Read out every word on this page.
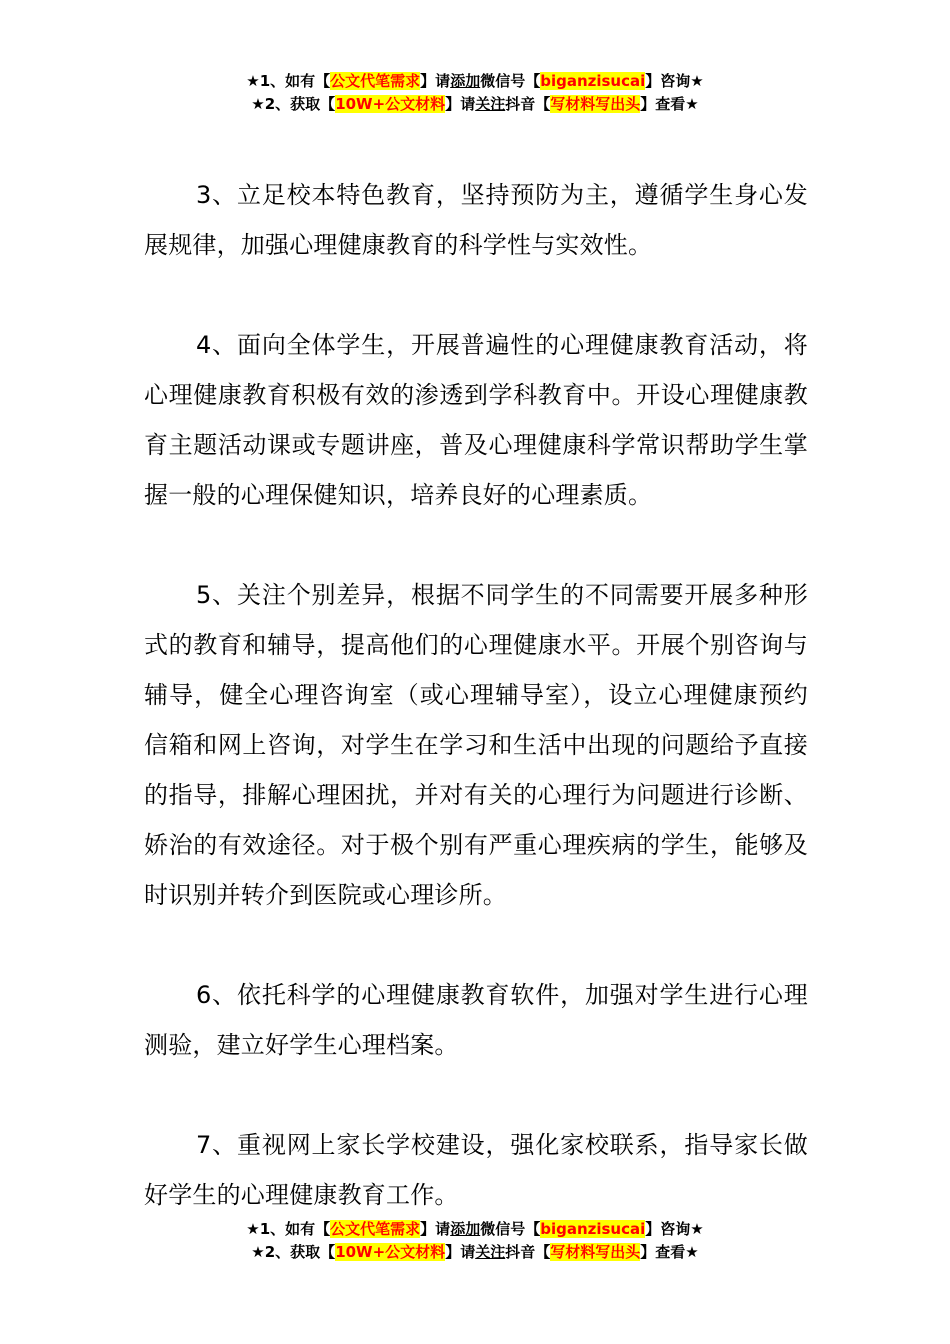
★1、如有【公文代笔需求】请添加微信号【biganzisucai】咨询★
★2、获取【10W+公文材料】请关注抖音【写材料写出头】查看★

3、立足校本特色教育，坚持预防为主，遵循学生身心发展规律，加强心理健康教育的科学性与实效性。

4、面向全体学生，开展普遍性的心理健康教育活动，将心理健康教育积极有效的渗透到学科教育中。开设心理健康教育主题活动课或专题讲座，普及心理健康科学常识帮助学生掌握一般的心理保健知识，培养良好的心理素质。

5、关注个别差异，根据不同学生的不同需要开展多种形式的教育和辅导，提高他们的心理健康水平。开展个别咨询与辅导，健全心理咨询室（或心理辅导室），设立心理健康预约信箱和网上咨询，对学生在学习和生活中出现的问题给予直接的指导，排解心理困扰，并对有关的心理行为问题进行诊断、娇治的有效途径。对于极个别有严重心理疾病的学生，能够及时识别并转介到医院或心理诊所。

6、依托科学的心理健康教育软件，加强对学生进行心理测验，建立好学生心理档案。

7、重视网上家长学校建设，强化家校联系，指导家长做好学生的心理健康教育工作。

★1、如有【公文代笔需求】请添加微信号【biganzisucai】咨询★
★2、获取【10W+公文材料】请关注抖音【写材料写出头】查看★
